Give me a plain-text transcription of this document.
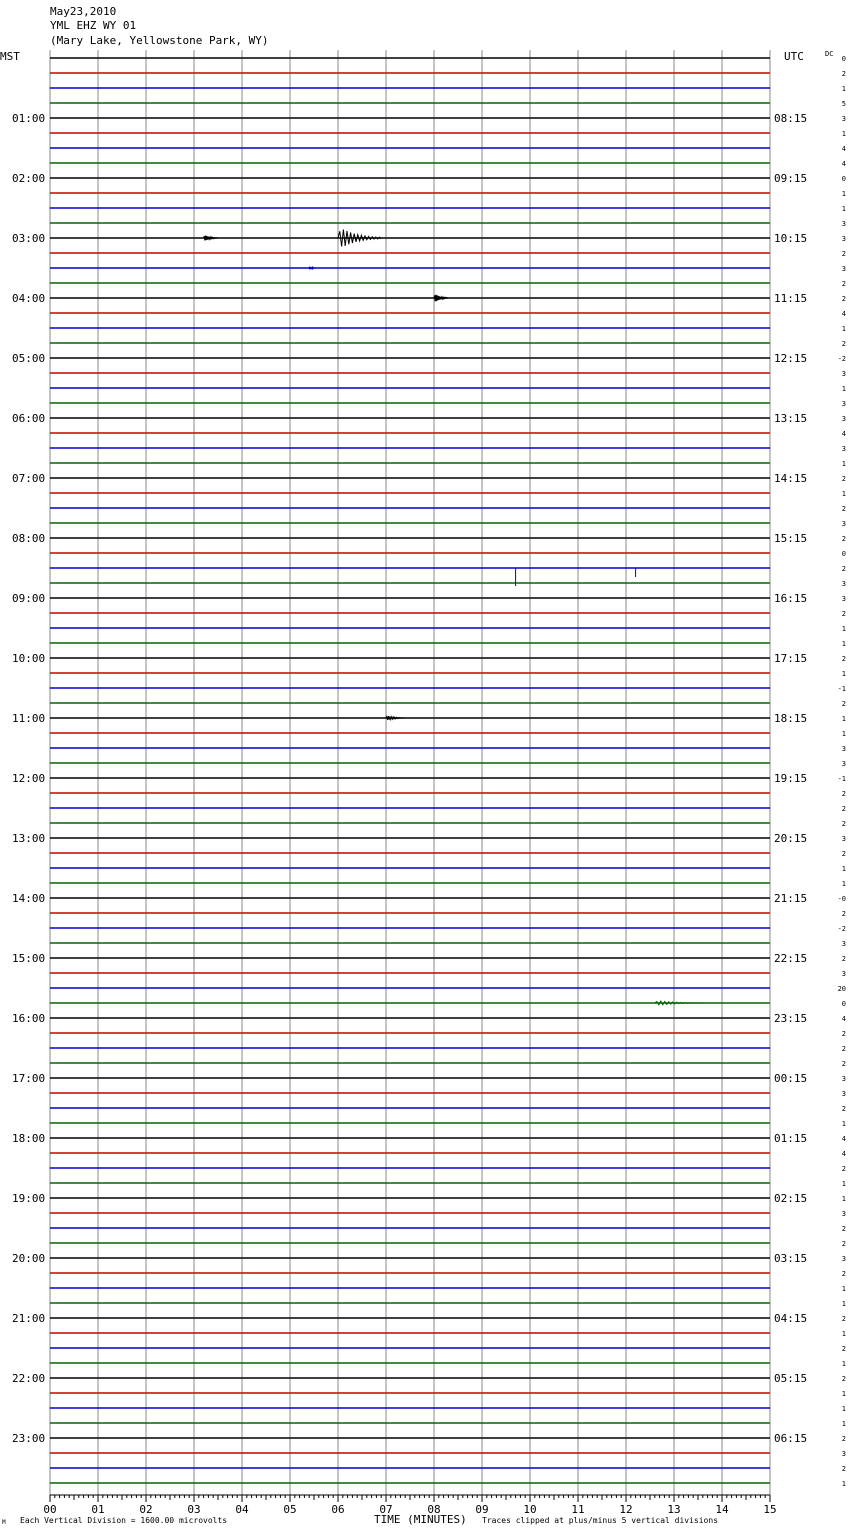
May23,2010
YML EHZ WY 01
(Mary Lake, Yellowstone Park, WY)
MST	UTC	DC
01:00	08:15
02:00	09:15
03:00	10:15
04:00	11:15
05:00	12:15
06:00	13:15
07:00	14:15
08:00	15:15
09:00	16:15
10:00	17:15
11:00	18:15
12:00	19:15
13:00	20:15
14:00	21:15
15:00	22:15
16:00	23:15
17:00	00:15
18:00	01:15
19:00	02:15
20:00	03:15
21:00	04:15
22:00	05:15
23:00	06:15
0
2
1
5
3
1
4
4
0
1
1
3
3
2
3
2
2
4
1
2
-2
3
1
3
3
4
3
1
2
1
2
3
2
0
2
3
3
2
1
1
2
1
-1
2
1
1
3
3
-1
2
2
2
3
2
1
1
-0
2
-2
3
2
3
20
0
4
2
2
2
3
3
2
1
4
4
2
1
1
3
2
2
3
2
1
1
2
1
2
1
2
1
1
1
2
3
2
1
00	01	02	03	04	05	06	07	08	09	10	11	12	13	14	15
M Each Vertical Division = 1600.00 microvolts	TIME (MINUTES) Traces clipped at plus/minus 5 vertical divisions
